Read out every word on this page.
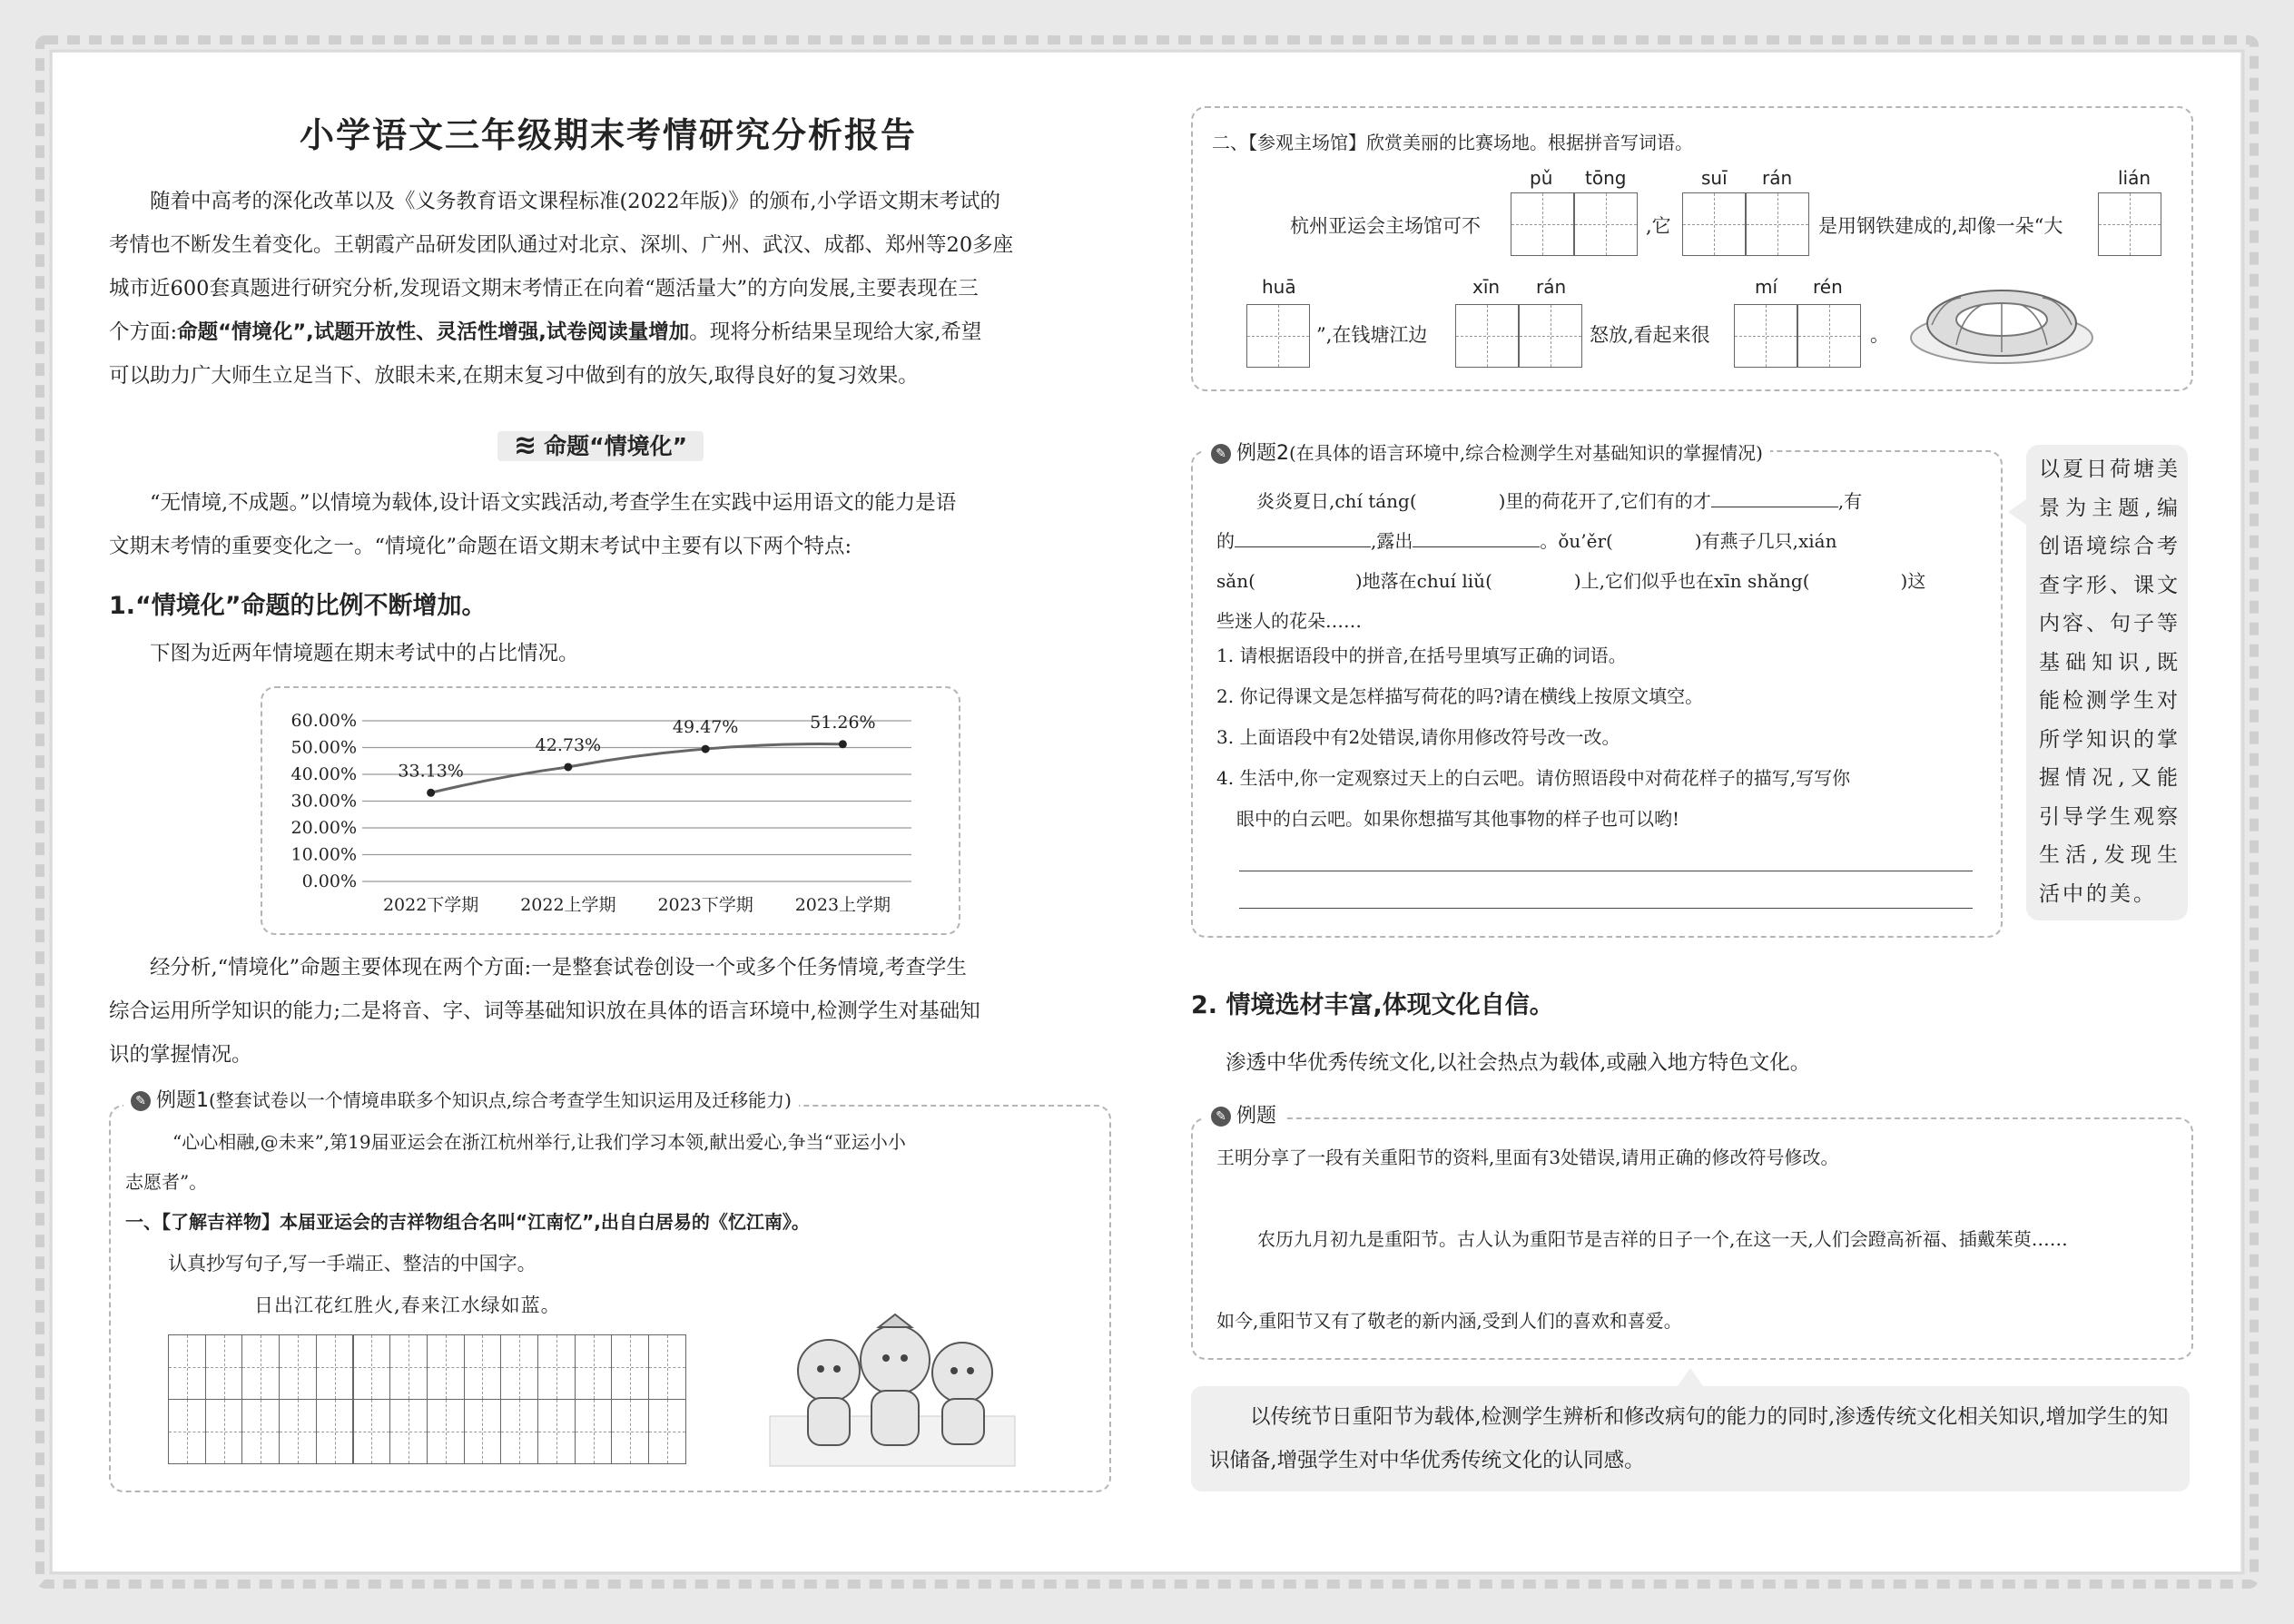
小学语文三年级期末考情研究分析报告
随着中高考的深化改革以及《义务教育语文课程标准(2022年版)》的颁布,小学语文期末考试的
考情也不断发生着变化。王朝霞产品研发团队通过对北京、深圳、广州、武汉、成都、郑州等20多座
城市近600套真题进行研究分析,发现语文期末考情正在向着“题活量大”的方向发展,主要表现在三
个方面:命题“情境化”,试题开放性、灵活性增强,试卷阅读量增加。现将分析结果呈现给大家,希望
可以助力广大师生立足当下、放眼未来,在期末复习中做到有的放矢,取得良好的复习效果。
≋ 命题“情境化”
“无情境,不成题。”以情境为载体,设计语文实践活动,考查学生在实践中运用语文的能力是语
文期末考情的重要变化之一。“情境化”命题在语文期末考试中主要有以下两个特点:
1.“情境化”命题的比例不断增加。
下图为近两年情境题在期末考试中的占比情况。
0.00%
10.00%
20.00%
30.00%
40.00%
50.00%
60.00%
2022下学期 2022上学期 2023下学期 2023上学期
33.13%
42.73%
49.47%	51.26%
经分析,“情境化”命题主要体现在两个方面:一是整套试卷创设一个或多个任务情境,考查学生
综合运用所学知识的能力;二是将音、字、词等基础知识放在具体的语言环境中,检测学生对基础知
识的掌握情况。
✎ 例题1(整套试卷以一个情境串联多个知识点,综合考查学生知识运用及迁移能力)
“心心相融,@未来”,第19届亚运会在浙江杭州举行,让我们学习本领,献出爱心,争当“亚运小小
志愿者”。
一、【了解吉祥物】本届亚运会的吉祥物组合名叫“江南忆”,出自白居易的《忆江南》。
认真抄写句子,写一手端正、整洁的中国字。
日出江花红胜火,春来江水绿如蓝。
二、【参观主场馆】欣赏美丽的比赛场地。根据拼音写词语。
杭州亚运会主场馆可不	,它	是用钢铁建成的,却像一朵“大
”,在钱塘江边	怒放,看起来很	。
pǔ tōng	suī rán	lián
huā	xīn rán	mí rén
✎ 例题2(在具体的语言环境中,综合检测学生对基础知识的掌握情况)
炎炎夏日,chí táng(	)里的荷花开了,它们有的才	,有
的	,露出	。ǒu’ěr(	)有燕子几只,xián
sǎn(	)地落在chuí liǔ(	)上,它们似乎也在xīn shǎng(	)这
些迷人的花朵……
1. 请根据语段中的拼音,在括号里填写正确的词语。
2. 你记得课文是怎样描写荷花的吗?请在横线上按原文填空。
3. 上面语段中有2处错误,请你用修改符号改一改。
4. 生活中,你一定观察过天上的白云吧。请仿照语段中对荷花样子的描写,写写你
眼中的白云吧。如果你想描写其他事物的样子也可以哟!
以夏日荷塘美景为主题,编创语境综合考查字形、课文内容、句子等基础知识,既能检测学生对所学知识的掌握情况,又能引导学生观察生活,发现生活中的美。
2. 情境选材丰富,体现文化自信。
渗透中华优秀传统文化,以社会热点为载体,或融入地方特色文化。
✎ 例题
王明分享了一段有关重阳节的资料,里面有3处错误,请用正确的修改符号修改。
农历九月初九是重阳节。古人认为重阳节是吉祥的日子一个,在这一天,人们会蹬高祈福、插戴茱萸……
如今,重阳节又有了敬老的新内涵,受到人们的喜欢和喜爱。
以传统节日重阳节为载体,检测学生辨析和修改病句的能力的同时,渗透传统文化相关知识,增加学生的知识储备,增强学生对中华优秀传统文化的认同感。
